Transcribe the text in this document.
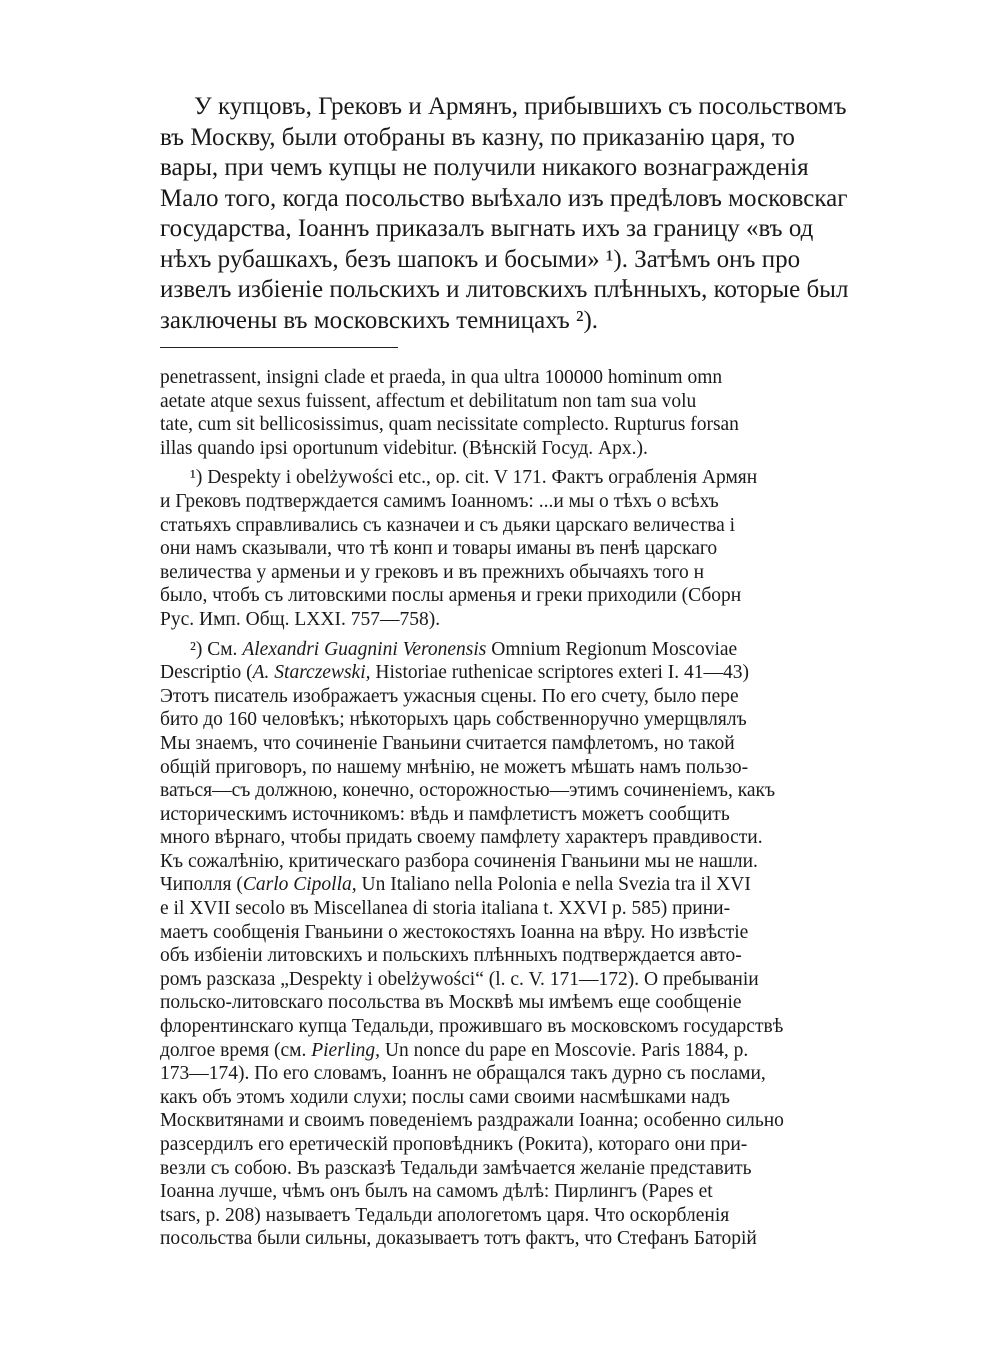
У купцовъ, Грековъ и Армянъ, прибывшихъ съ посольствомъ
въ Москву, были отобраны въ казну, по приказанію царя, то
вары, при чемъ купцы не получили никакого вознагражденія
Мало того, когда посольство выѣхало изъ предѣловъ московскаг
государства, Іоаннъ приказалъ выгнать ихъ за границу «въ од
нѣхъ рубашкахъ, безъ шапокъ и босыми» ¹). Затѣмъ онъ про
извелъ избіеніе польскихъ и литовскихъ плѣнныхъ, которые был
заключены въ московскихъ темницахъ ²).
penetrassent, insigni clade et praeda, in qua ultra 100000 hominum omn
aetate atque sexus fuissent, affectum et debilitatum non tam sua volu
tate, cum sit bellicosissimus, quam necissitate complecto. Rupturus forsan
illas quando ipsi oportunum videbitur. (Вѣнскій Госуд. Арх.).
¹) Despekty i obelżywości etc., op. cit. V 171. Фактъ ограбленія Армян
и Грековъ подтверждается самимъ Іоанномъ: ...и мы о тѣхъ о всѣхъ
статьяхъ справливались съ казначеи и съ дьяки царскаго величества і
они намъ сказывали, что тѣ конп и товары иманы въ пенѣ царскаго
величества у арменьи и у грековъ и въ прежнихъ обычаяхъ того н
было, чтобъ съ литовскими послы арменья и греки приходили (Сборн
Рус. Имп. Общ. LXXI. 757—758).
²) См. Alexandri Guagnini Veronensis Omnium Regionum Moscoviae
Descriptio (A. Starczewski, Historiae ruthenicae scriptores exteri I. 41—43)
Этотъ писатель изображаетъ ужасныя сцены. По его счету, было пере
бито до 160 человѣкъ; нѣкоторыхъ царь собственноручно умерщвлялъ
Мы знаемъ, что сочиненіе Гваньини считается памфлетомъ, но такой
общій приговоръ, по нашему мнѣнію, не можетъ мѣшать намъ пользо-
ваться—съ должною, конечно, осторожностью—этимъ сочиненіемъ, какъ
историческимъ источникомъ: вѣдь и памфлетистъ можетъ сообщить
много вѣрнаго, чтобы придать своему памфлету характеръ правдивости.
Къ сожалѣнію, критическаго разбора сочиненія Гваньини мы не нашли.
Чиполля (Carlo Cipolla, Un Italiano nella Polonia e nella Svezia tra il XVI
e il XVII secolo въ Miscellanea di storia italiana t. XXVI p. 585) прини-
маетъ сообщенія Гваньини о жестокостяхъ Іоанна на вѣру. Но извѣстіе
объ избіеніи литовскихъ и польскихъ плѣнныхъ подтверждается авто-
ромъ разсказа „Despekty i obelżywości“ (l. c. V. 171—172). О пребываніи
польско-литовскаго посольства въ Москвѣ мы имѣемъ еще сообщеніе
флорентинскаго купца Тедальди, прожившаго въ московскомъ государствѣ
долгое время (см. Pierling, Un nonce du pape en Moscovie. Paris 1884, p.
173—174). По его словамъ, Іоаннъ не обращался такъ дурно съ послами,
какъ объ этомъ ходили слухи; послы сами своими насмѣшками надъ
Москвитянами и своимъ поведеніемъ раздражали Іоанна; особенно сильно
разсердилъ его еретическій проповѣдникъ (Рокита), котораго они при-
везли съ собою. Въ разсказѣ Тедальди замѣчается желаніе представить
Іоанна лучше, чѣмъ онъ былъ на самомъ дѣлѣ: Пирлингъ (Papes et
tsars, p. 208) называетъ Тедальди апологетомъ царя. Что оскорбленія
посольства были сильны, доказываетъ тотъ фактъ, что Стефанъ Баторій
